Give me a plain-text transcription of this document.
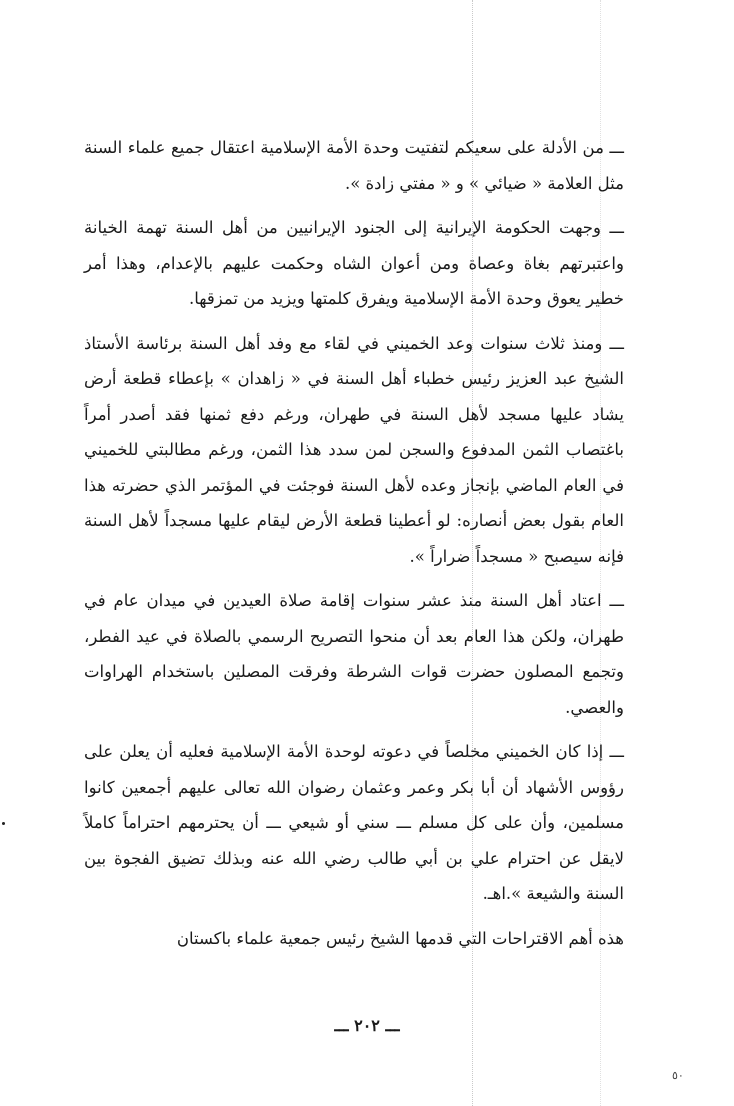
ـــ من الأدلة على سعيكم لتفتيت وحدة الأمة الإسلامية اعتقال جميع علماء السنة مثل العلامة « ضيائي » و « مفتي زادة ».

ـــ وجهت الحكومة الإيرانية إلى الجنود الإيرانيين من أهل السنة تهمة الخيانة واعتبرتهم بغاة وعصاة ومن أعوان الشاه وحكمت عليهم بالإعدام، وهذا أمر خطير يعوق وحدة الأمة الإسلامية ويفرق كلمتها ويزيد من تمزقها.

ـــ ومنذ ثلاث سنوات وعد الخميني في لقاء مع وفد أهل السنة برئاسة الأستاذ الشيخ عبد العزيز رئيس خطباء أهل السنة في « زاهدان » بإعطاء قطعة أرض يشاد عليها مسجد لأهل السنة في طهران، ورغم دفع ثمنها فقد أصدر أمراً باغتصاب الثمن المدفوع والسجن لمن سدد هذا الثمن، ورغم مطالبتي للخميني في العام الماضي بإنجاز وعده لأهل السنة فوجئت في المؤتمر الذي حضرته هذا العام بقول بعض أنصاره: لو أعطينا قطعة الأرض ليقام عليها مسجداً لأهل السنة فإنه سيصبح « مسجداً ضراراً ».

ـــ اعتاد أهل السنة منذ عشر سنوات إقامة صلاة العيدين في ميدان عام في طهران، ولكن هذا العام بعد أن منحوا التصريح الرسمي بالصلاة في عيد الفطر، وتجمع المصلون حضرت قوات الشرطة وفرقت المصلين باستخدام الهراوات والعصي.

ـــ إذا كان الخميني مخلصاً في دعوته لوحدة الأمة الإسلامية فعليه أن يعلن على رؤوس الأشهاد أن أبا بكر وعمر وعثمان رضوان الله تعالى عليهم أجمعين كانوا مسلمين، وأن على كل مسلم ـــ سني أو شيعي ـــ أن يحترمهم احتراماً كاملاً لايقل عن احترام علي بن أبي طالب رضي الله عنه وبذلك تضيق الفجوة بين السنة والشيعة ».اهـ.

هذه أهم الاقتراحات التي قدمها الشيخ رئيس جمعية علماء باكستان

ـــ ٢٠٢ ـــ
٥٠
